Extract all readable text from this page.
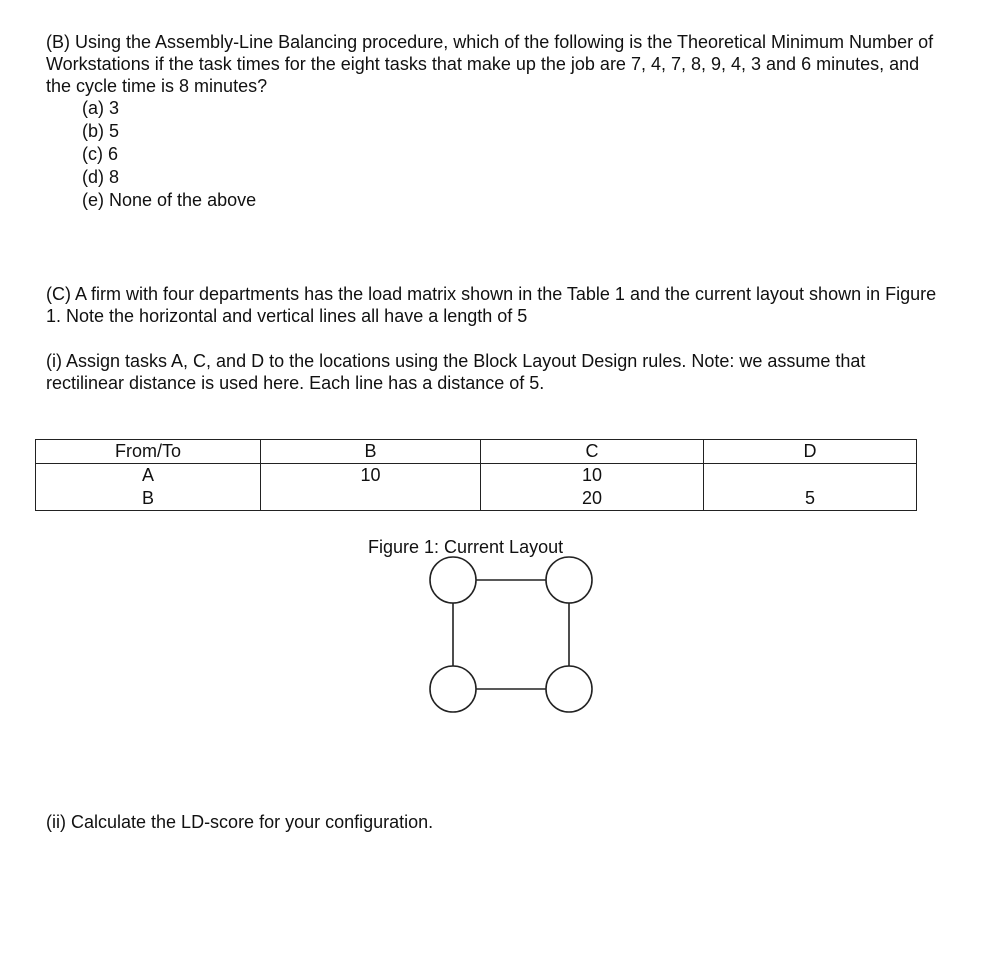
(B) Using the Assembly-Line Balancing procedure, which of the following is the Theoretical Minimum Number of Workstations if the task times for the eight tasks that make up the job are 7, 4, 7, 8, 9, 4, 3 and 6 minutes, and the cycle time is 8 minutes?
(a) 3
(b) 5
(c) 6
(d) 8
(e) None of the above
(C) A firm with four departments has the load matrix shown in the Table 1 and the current layout shown in Figure 1. Note the horizontal and vertical lines all have a length of 5
(i) Assign tasks A, C, and D to the locations using the Block Layout Design rules. Note: we assume that rectilinear distance is used here. Each line has a distance of 5.
From/To	B	C	D
A	10	10	
B		20	5
Figure 1: Current Layout
(ii) Calculate the LD-score for your configuration.
